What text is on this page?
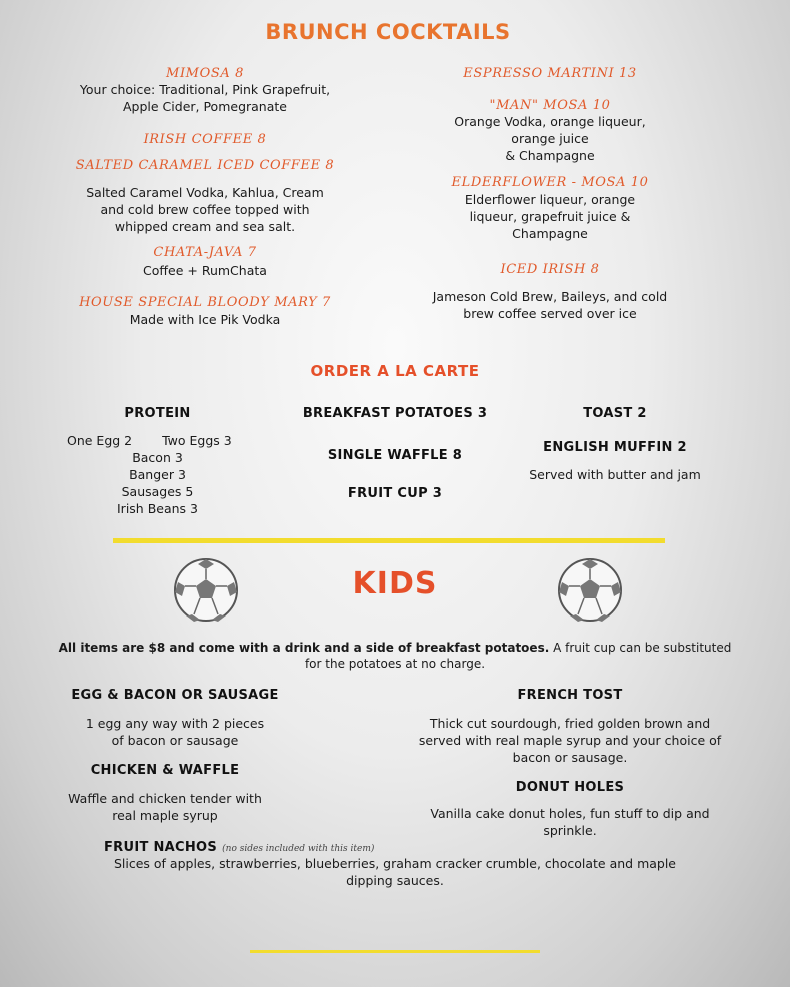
BRUNCH COCKTAILS
MIMOSA 8
Your choice: Traditional, Pink Grapefruit,
Apple Cider, Pomegranate
IRISH COFFEE 8
SALTED CARAMEL ICED COFFEE 8
Salted Caramel Vodka, Kahlua, Cream
and cold brew coffee topped with
whipped cream and sea salt.
CHATA-JAVA 7
Coffee + RumChata
HOUSE SPECIAL BLOODY MARY 7
Made with Ice Pik Vodka
ESPRESSO MARTINI 13
"MAN" MOSA 10
Orange Vodka, orange liqueur,
orange juice
& Champagne
ELDERFLOWER - MOSA 10
Elderflower liqueur, orange
liqueur, grapefruit juice &
Champagne
ICED IRISH 8
Jameson Cold Brew, Baileys, and cold
brew coffee served over ice
ORDER A LA CARTE
PROTEIN
One Egg 2 Two Eggs 3
Bacon 3
Banger 3
Sausages 5
Irish Beans 3
BREAKFAST POTATOES 3
SINGLE WAFFLE 8
FRUIT CUP 3
TOAST 2
ENGLISH MUFFIN 2
Served with butter and jam
KIDS
All items are $8 and come with a drink and a side of breakfast potatoes. A fruit cup can be substituted
for the potatoes at no charge.
EGG & BACON OR SAUSAGE
1 egg any way with 2 pieces
of bacon or sausage
CHICKEN & WAFFLE
Waffle and chicken tender with
real maple syrup
FRENCH TOST
Thick cut sourdough, fried golden brown and
served with real maple syrup and your choice of
bacon or sausage.
DONUT HOLES
Vanilla cake donut holes, fun stuff to dip and
sprinkle.
FRUIT NACHOS (no sides included with this item)
Slices of apples, strawberries, blueberries, graham cracker crumble, chocolate and maple
dipping sauces.
